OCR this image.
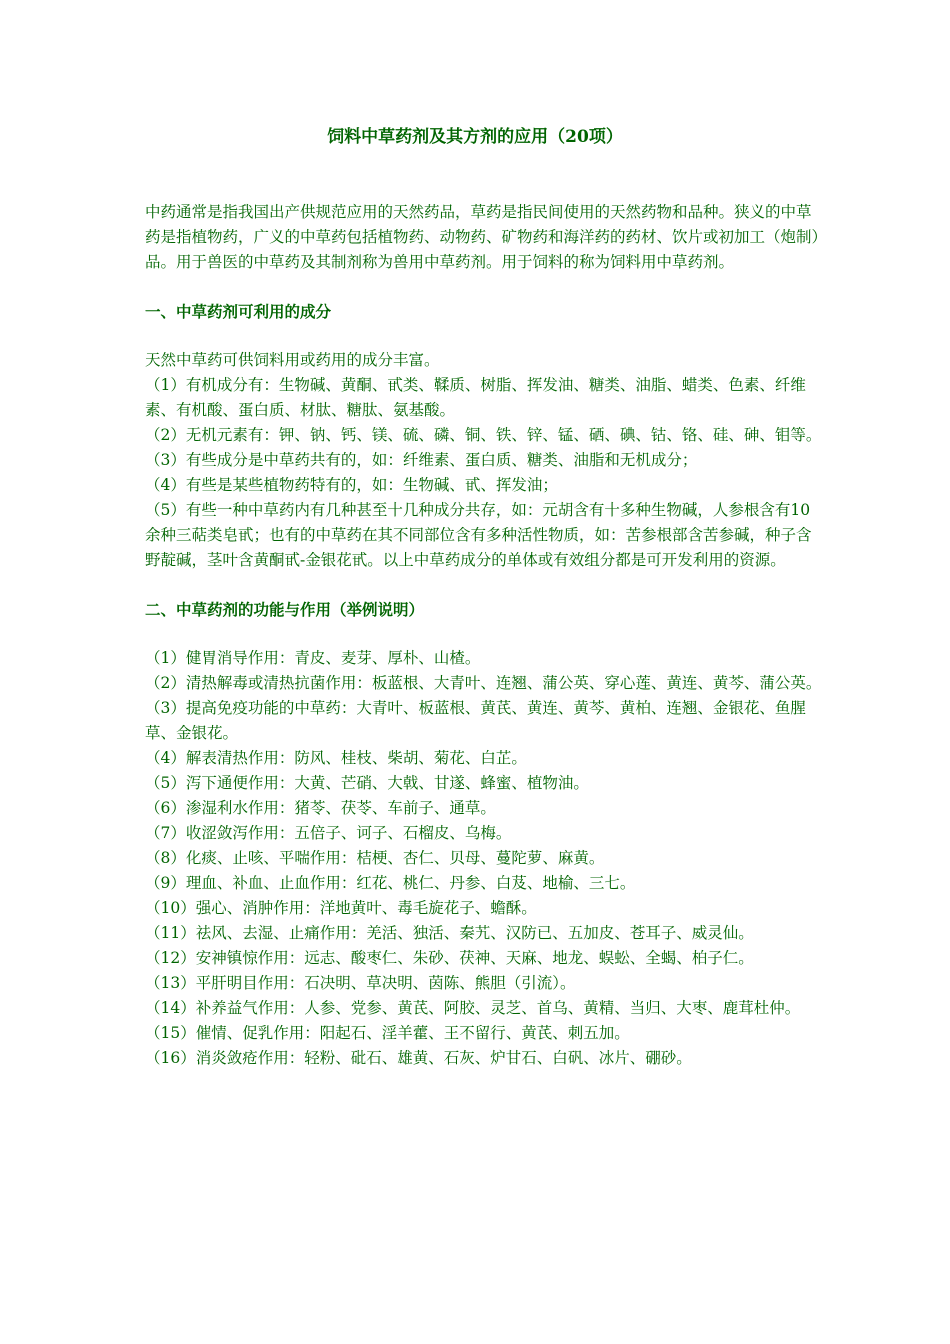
饲料中草药剂及其方剂的应用（20项）

中药通常是指我国出产供规范应用的天然药品，草药是指民间使用的天然药物和品种。狭义的中草药是指植物药，广义的中草药包括植物药、动物药、矿物药和海洋药的药材、饮片或初加工（炮制）品。用于兽医的中草药及其制剂称为兽用中草药剂。用于饲料的称为饲料用中草药剂。

一、中草药剂可利用的成分

天然中草药可供饲料用或药用的成分丰富。

（1）有机成分有：生物碱、黄酮、甙类、鞣质、树脂、挥发油、糖类、油脂、蜡类、色素、纤维素、有机酸、蛋白质、材肽、糖肽、氨基酸。

（2）无机元素有：钾、钠、钙、镁、硫、磷、铜、铁、锌、锰、硒、碘、钴、铬、硅、砷、钼等。

（3）有些成分是中草药共有的，如：纤维素、蛋白质、糖类、油脂和无机成分；

（4）有些是某些植物药特有的，如：生物碱、甙、挥发油；

（5）有些一种中草药内有几种甚至十几种成分共存，如：元胡含有十多种生物碱，人参根含有10余种三萜类皂甙；也有的中草药在其不同部位含有多种活性物质，如：苦参根部含苦参碱，种子含野靛碱，茎叶含黄酮甙-金银花甙。以上中草药成分的单体或有效组分都是可开发利用的资源。

二、中草药剂的功能与作用（举例说明）

（1）健胃消导作用：青皮、麦芽、厚朴、山楂。

（2）清热解毒或清热抗菌作用：板蓝根、大青叶、连翘、蒲公英、穿心莲、黄连、黄芩、蒲公英。

（3）提高免疫功能的中草药：大青叶、板蓝根、黄芪、黄连、黄芩、黄柏、连翘、金银花、鱼腥草、金银花。

（4）解表清热作用：防风、桂枝、柴胡、菊花、白芷。

（5）泻下通便作用：大黄、芒硝、大戟、甘遂、蜂蜜、植物油。

（6）渗湿利水作用：猪苓、茯苓、车前子、通草。

（7）收涩敛泻作用：五倍子、诃子、石榴皮、乌梅。

（8）化痰、止咳、平喘作用：桔梗、杏仁、贝母、蔓陀萝、麻黄。

（9）理血、补血、止血作用：红花、桃仁、丹参、白芨、地榆、三七。

（10）强心、消肿作用：洋地黄叶、毒毛旋花子、蟾酥。

（11）祛风、去湿、止痛作用：羌活、独活、秦艽、汉防已、五加皮、苍耳子、威灵仙。

（12）安神镇惊作用：远志、酸枣仁、朱砂、茯神、天麻、地龙、蜈蚣、全蝎、柏子仁。

（13）平肝明目作用：石决明、草决明、茵陈、熊胆（引流）。

（14）补养益气作用：人参、党参、黄芪、阿胶、灵芝、首乌、黄精、当归、大枣、鹿茸杜仲。

（15）催情、促乳作用：阳起石、淫羊藿、王不留行、黄芪、刺五加。

（16）消炎敛疮作用：轻粉、砒石、雄黄、石灰、炉甘石、白矾、冰片、硼砂。
